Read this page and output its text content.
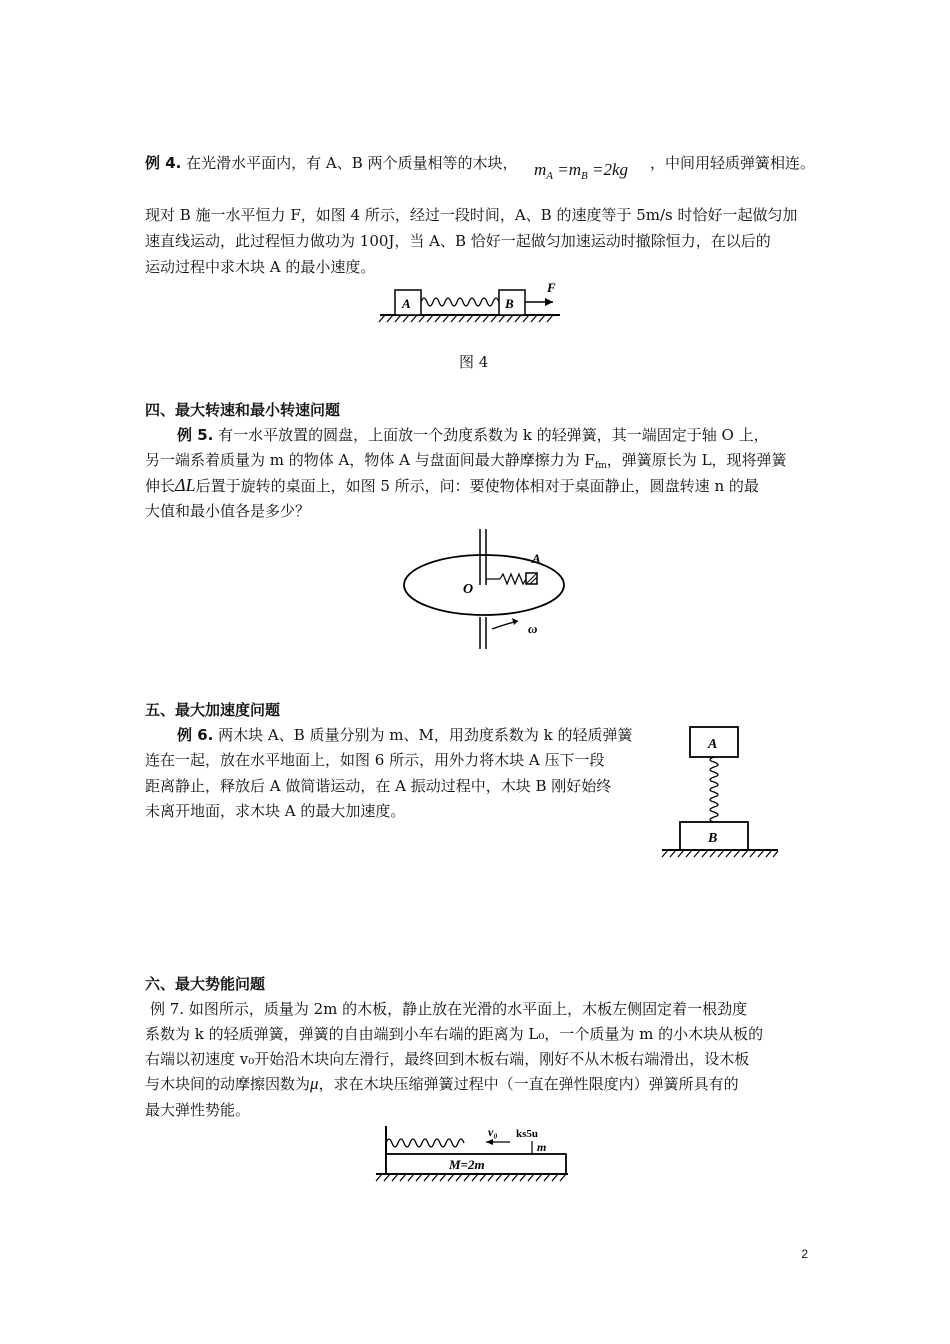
例 4. 在光滑水平面内，有 A、B 两个质量相等的木块， $m_A =m_B =2kg$ ，中间用轻质弹簧相连。
现对 B 施一水平恒力 F，如图 4 所示，经过一段时间，A、B 的速度等于 5m/s 时恰好一起做匀加
速直线运动，此过程恒力做功为 100J，当 A、B 恰好一起做匀加速运动时撤除恒力，在以后的
运动过程中求木块 A 的最小速度。
A	B
F
图 4
四、最大转速和最小转速问题
例 5. 有一水平放置的圆盘，上面放一个劲度系数为 k 的轻弹簧，其一端固定于轴 O 上，
另一端系着质量为 m 的物体 A，物体 A 与盘面间最大静摩擦力为 $F_{fm}$，弹簧原长为 L，现将弹簧
伸长ΔL后置于旋转的桌面上，如图 5 所示，问：要使物体相对于桌面静止，圆盘转速 n 的最
大值和最小值各是多少？
O
A
ω
五、最大加速度问题
例 6. 两木块 A、B 质量分别为 m、M，用劲度系数为 k 的轻质弹簧
连在一起，放在水平地面上，如图 6 所示，用外力将木块 A 压下一段
距离静止，释放后 A 做简谐运动，在 A 振动过程中，木块 B 刚好始终
未离开地面，求木块 A 的最大加速度。
A
B
六、最大势能问题
例 7. 如图所示，质量为 2m 的木板，静止放在光滑的水平面上，木板左侧固定着一根劲度
系数为 k 的轻质弹簧，弹簧的自由端到小车右端的距离为 L₀，一个质量为 m 的小木块从板的
右端以初速度 v₀开始沿木块向左滑行，最终回到木板右端，刚好不从木板右端滑出，设木板
与木块间的动摩擦因数为μ，求在木块压缩弹簧过程中（一直在弹性限度内）弹簧所具有的
最大弹性势能。
v₀ ks5u
m
M=2m
2
